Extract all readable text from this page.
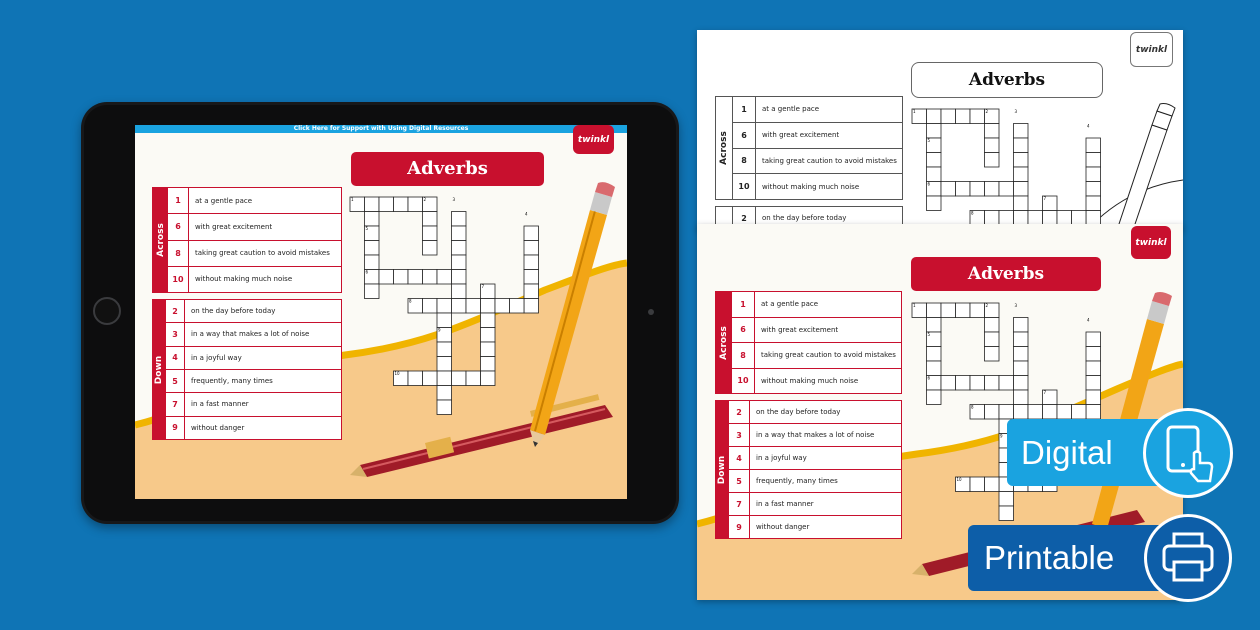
Click Here for Support with Using Digital Resources
twinkl
Adverbs
Across
1	at a gentle pace
6	with great excitement
8	taking great caution to avoid mistakes
10	without making much noise
Down
2	on the day before today
3	in a way that makes a lot of noise
4	in a joyful way
5	frequently, many times
7	in a fast manner
9	without danger
1	2	3
4
5
6
7
8
9
10
twinkl
Adverbs
Across
1	at a gentle pace
6	with great excitement
8	taking great caution to avoid mistakes
10	without making much noise
2	on the day before today
1	2	3
4
5
6
7
8
twinkl
Adverbs
Across
1	at a gentle pace
6	with great excitement
8	taking great caution to avoid mistakes
10	without making much noise
Down
2	on the day before today
3	in a way that makes a lot of noise
4	in a joyful way
5	frequently, many times
7	in a fast manner
9	without danger
1	2	3
4
5
6
7
8
9
10
Digital
Printable
